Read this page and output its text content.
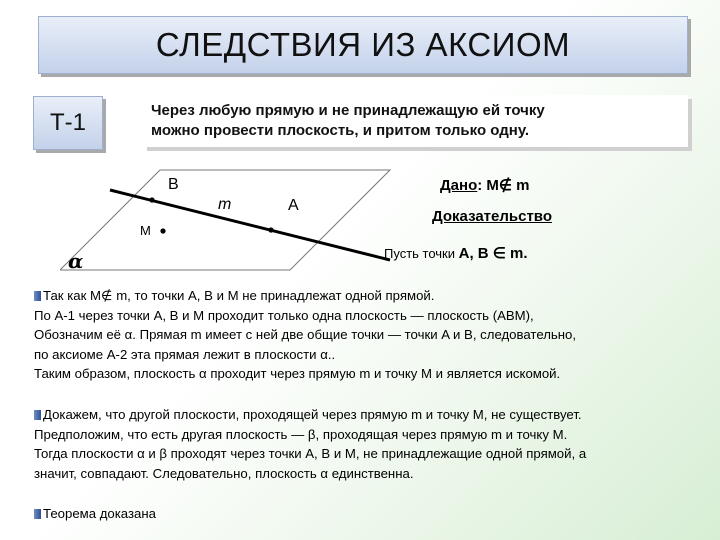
СЛЕДСТВИЯ ИЗ АКСИОМ
Т-1	Через любую прямую и не принадлежащую ей точку
можно провести плоскость, и притом только одну.
B
m	A
M
α
Дано: M∉ m
Доказательство
Пусть точки A, B ∈ m.
Так как M∉ m, то точки A, B и M не принадлежат одной прямой.
По А-1 через точки A, B и M проходит только одна плоскость — плоскость (ABM),
Обозначим её α. Прямая m имеет с ней две общие точки — точки A и B, следовательно,
по аксиоме А-2 эта прямая лежит в плоскости α..
Таким образом, плоскость α проходит через прямую m и точку M и является искомой.
Докажем, что другой плоскости, проходящей через прямую m и точку M, не существует.
Предположим, что есть другая плоскость — β, проходящая через прямую m и точку M.
Тогда плоскости α и β проходят через точки A, B и M, не принадлежащие одной прямой, а
значит, совпадают. Следовательно, плоскость α единственна.
Теорема доказана
